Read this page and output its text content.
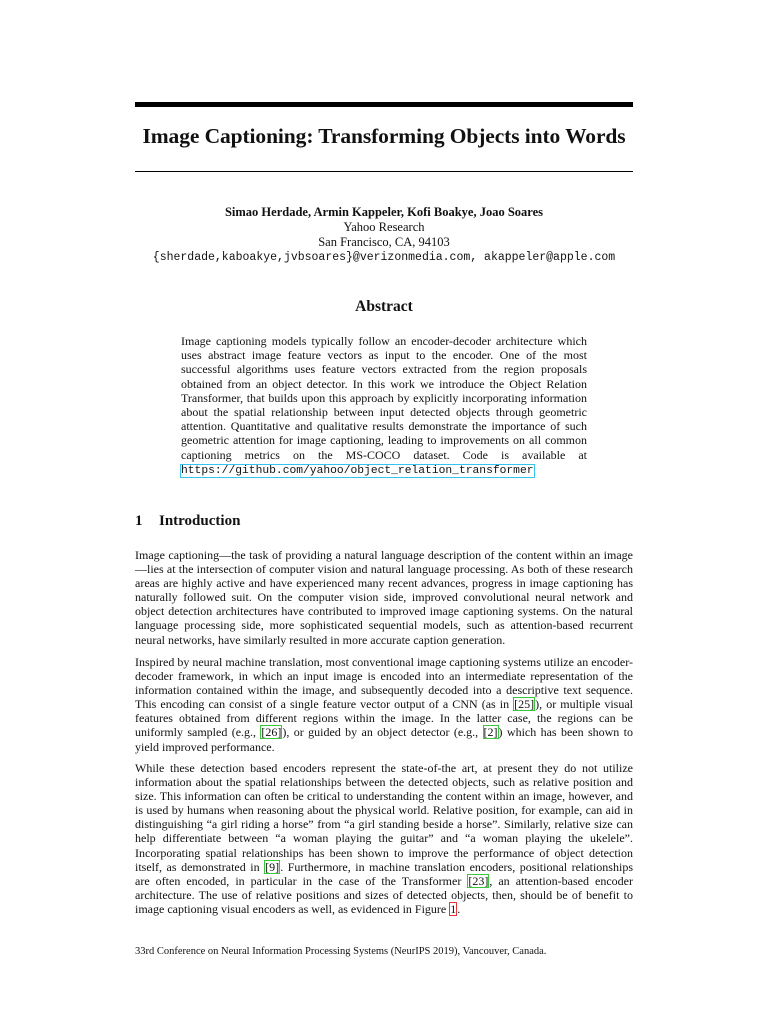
Image Captioning: Transforming Objects into Words
Simao Herdade, Armin Kappeler, Kofi Boakye, Joao Soares
Yahoo Research
San Francisco, CA, 94103
{sherdade,kaboakye,jvbsoares}@verizonmedia.com, akappeler@apple.com
Abstract
Image captioning models typically follow an encoder-decoder architecture which uses abstract image feature vectors as input to the encoder. One of the most successful algorithms uses feature vectors extracted from the region proposals obtained from an object detector. In this work we introduce the Object Relation Transformer, that builds upon this approach by explicitly incorporating information about the spatial relationship between input detected objects through geometric attention. Quantitative and qualitative results demonstrate the importance of such geometric attention for image captioning, leading to improvements on all common captioning metrics on the MS-COCO dataset. Code is available at https://github.com/yahoo/object_relation_transformer
1 Introduction
Image captioning—the task of providing a natural language description of the content within an image—lies at the intersection of computer vision and natural language processing. As both of these research areas are highly active and have experienced many recent advances, progress in image captioning has naturally followed suit. On the computer vision side, improved convolutional neural network and object detection architectures have contributed to improved image captioning systems. On the natural language processing side, more sophisticated sequential models, such as attention-based recurrent neural networks, have similarly resulted in more accurate caption generation.
Inspired by neural machine translation, most conventional image captioning systems utilize an encoder-decoder framework, in which an input image is encoded into an intermediate representation of the information contained within the image, and subsequently decoded into a descriptive text sequence. This encoding can consist of a single feature vector output of a CNN (as in [25]), or multiple visual features obtained from different regions within the image. In the latter case, the regions can be uniformly sampled (e.g., [26]), or guided by an object detector (e.g., [2]) which has been shown to yield improved performance.
While these detection based encoders represent the state-of-the art, at present they do not utilize information about the spatial relationships between the detected objects, such as relative position and size. This information can often be critical to understanding the content within an image, however, and is used by humans when reasoning about the physical world. Relative position, for example, can aid in distinguishing “a girl riding a horse” from “a girl standing beside a horse”. Similarly, relative size can help differentiate between “a woman playing the guitar” and “a woman playing the ukelele”. Incorporating spatial relationships has been shown to improve the performance of object detection itself, as demonstrated in [9]. Furthermore, in machine translation encoders, positional relationships are often encoded, in particular in the case of the Transformer [23], an attention-based encoder architecture. The use of relative positions and sizes of detected objects, then, should be of benefit to image captioning visual encoders as well, as evidenced in Figure 1.
33rd Conference on Neural Information Processing Systems (NeurIPS 2019), Vancouver, Canada.
